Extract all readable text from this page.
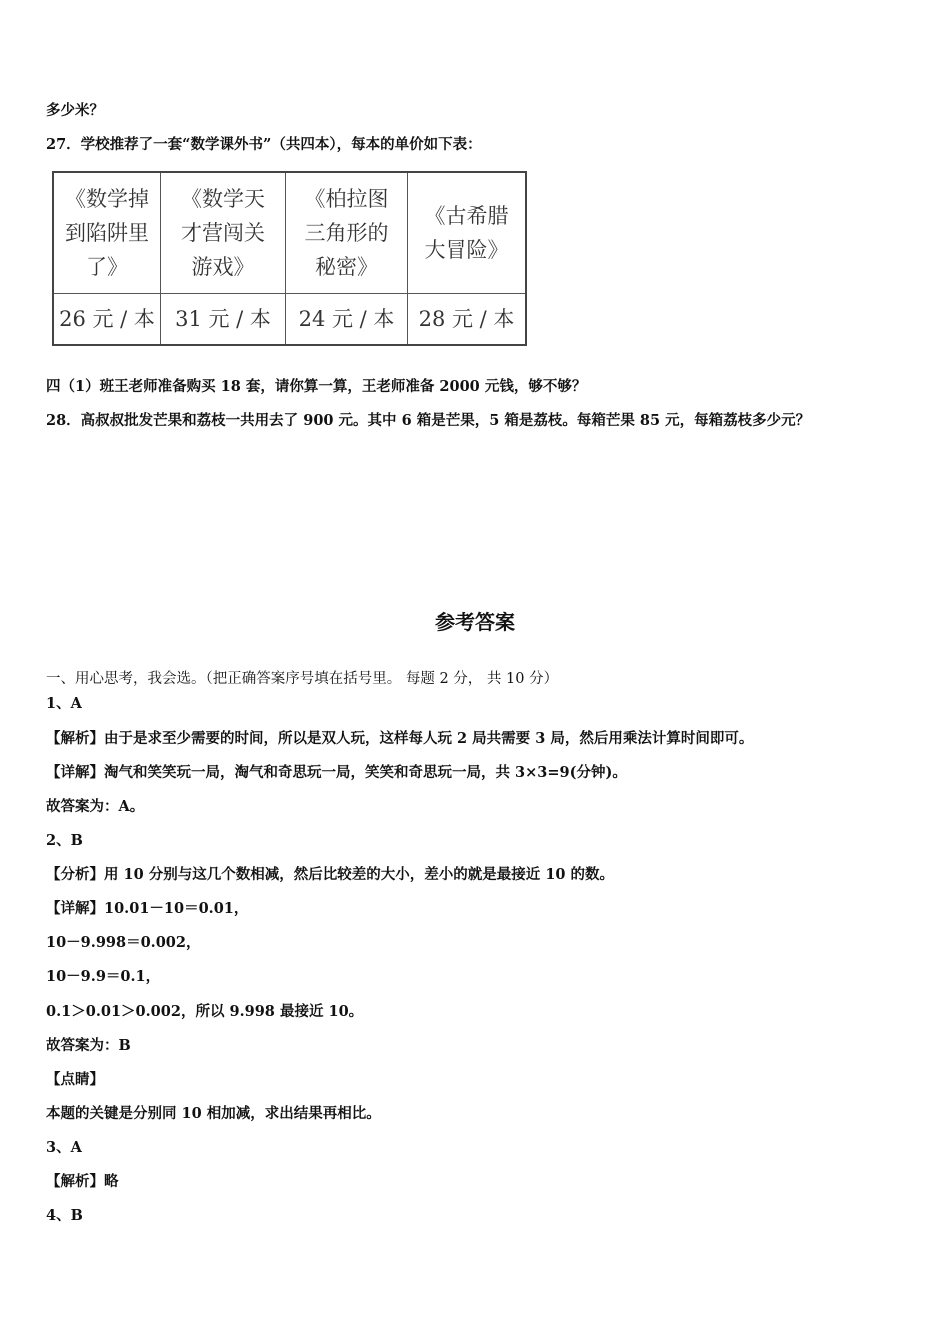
多少米？
27．学校推荐了一套“数学课外书”（共四本），每本的单价如下表：
《数学掉到陷阱里了》	《数学天才营闯关游戏》	《柏拉图三角形的秘密》	《古希腊大冒险》
26 元 / 本	31 元 / 本	24 元 / 本	28 元 / 本
四（1）班王老师准备购买 18 套，请你算一算，王老师准备 2000 元钱，够不够？
28．高叔叔批发芒果和荔枝一共用去了 900 元。其中 6 箱是芒果，5 箱是荔枝。每箱芒果 85 元，每箱荔枝多少元？
参考答案
一、用心思考，我会选。（把正确答案序号填在括号里。 每题 2 分， 共 10 分）
1、A
【解析】由于是求至少需要的时间，所以是双人玩，这样每人玩 2 局共需要 3 局，然后用乘法计算时间即可。
【详解】淘气和笑笑玩一局，淘气和奇思玩一局，笑笑和奇思玩一局，共 3×3=9(分钟)。
故答案为：A。
2、B
【分析】用 10 分别与这几个数相减，然后比较差的大小，差小的就是最接近 10 的数。
【详解】10.01－10＝0.01，
10－9.998＝0.002，
10－9.9＝0.1，
0.1＞0.01＞0.002，所以 9.998 最接近 10。
故答案为：B
【点睛】
本题的关键是分别同 10 相加减，求出结果再相比。
3、A
【解析】略
4、B
